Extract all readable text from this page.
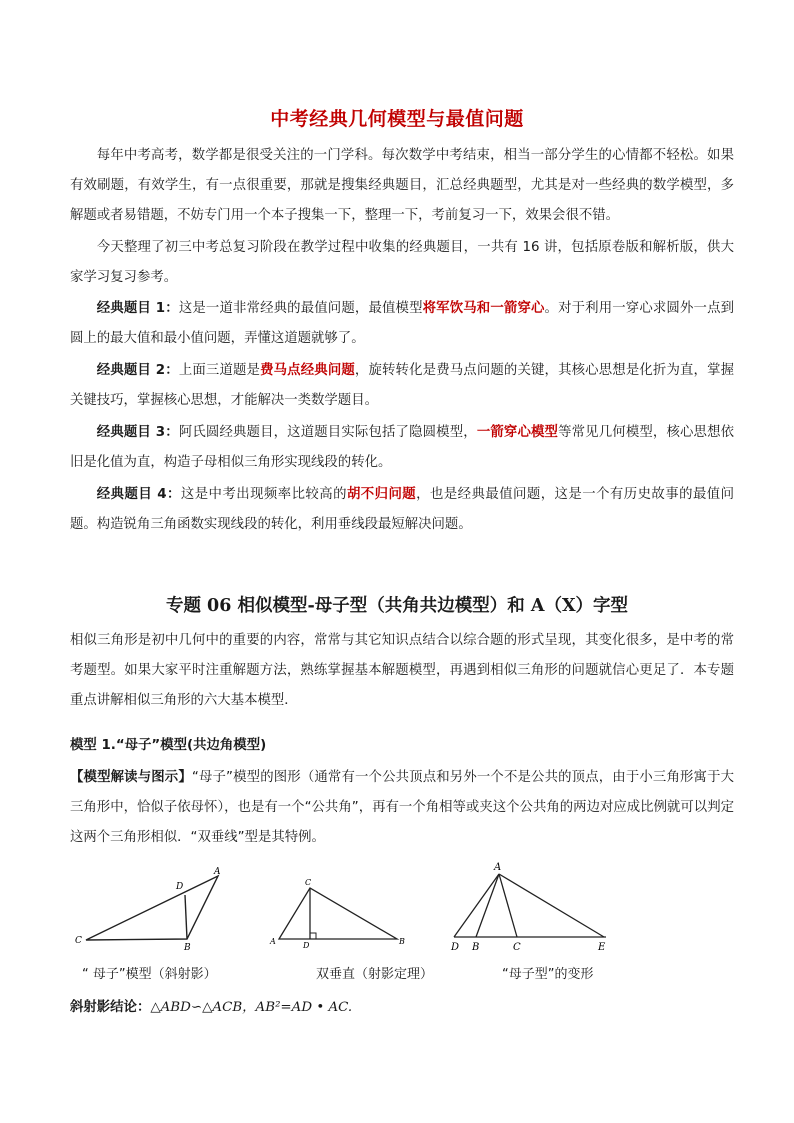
中考经典几何模型与最值问题
每年中考高考，数学都是很受关注的一门学科。每次数学中考结束，相当一部分学生的心情都不轻松。如果有效刷题，有效学生，有一点很重要，那就是搜集经典题目，汇总经典题型，尤其是对一些经典的数学模型，多解题或者易错题，不妨专门用一个本子搜集一下，整理一下，考前复习一下，效果会很不错。
今天整理了初三中考总复习阶段在教学过程中收集的经典题目，一共有 16 讲，包括原卷版和解析版，供大家学习复习参考。
经典题目 1：这是一道非常经典的最值问题，最值模型将军饮马和一箭穿心。对于利用一穿心求圆外一点到圆上的最大值和最小值问题，弄懂这道题就够了。
经典题目 2：上面三道题是费马点经典问题，旋转转化是费马点问题的关键，其核心思想是化折为直，掌握关键技巧，掌握核心思想，才能解决一类数学题目。
经典题目 3：阿氏圆经典题目，这道题目实际包括了隐圆模型，一箭穿心模型等常见几何模型，核心思想依旧是化值为直，构造子母相似三角形实现线段的转化。
经典题目 4：这是中考出现频率比较高的胡不归问题，也是经典最值问题，这是一个有历史故事的最值问题。构造锐角三角函数实现线段的转化，利用垂线段最短解决问题。
专题 06 相似模型-母子型（共角共边模型）和 A（X）字型
相似三角形是初中几何中的重要的内容，常常与其它知识点结合以综合题的形式呈现，其变化很多，是中考的常考题型。如果大家平时注重解题方法，熟练掌握基本解题模型，再遇到相似三角形的问题就信心更足了．本专题重点讲解相似三角形的六大基本模型．
模型 1.“母子”模型(共边角模型)
【模型解读与图示】“母子”模型的图形（通常有一个公共顶点和另外一个不是公共的顶点，由于小三角形寓于大三角形中，恰似子依母怀），也是有一个“公共角”，再有一个角相等或夹这个公共角的两边对应成比例就可以判定这两个三角形相似．“双垂线”型是其特例。
A
B
C
D
A	B
C
D
A
D B	C	E
“ 母子”模型（斜射影）	双垂直（射影定理）	“母子型”的变形
斜射影结论：△ABD∽△ACB，AB²=AD • AC.
